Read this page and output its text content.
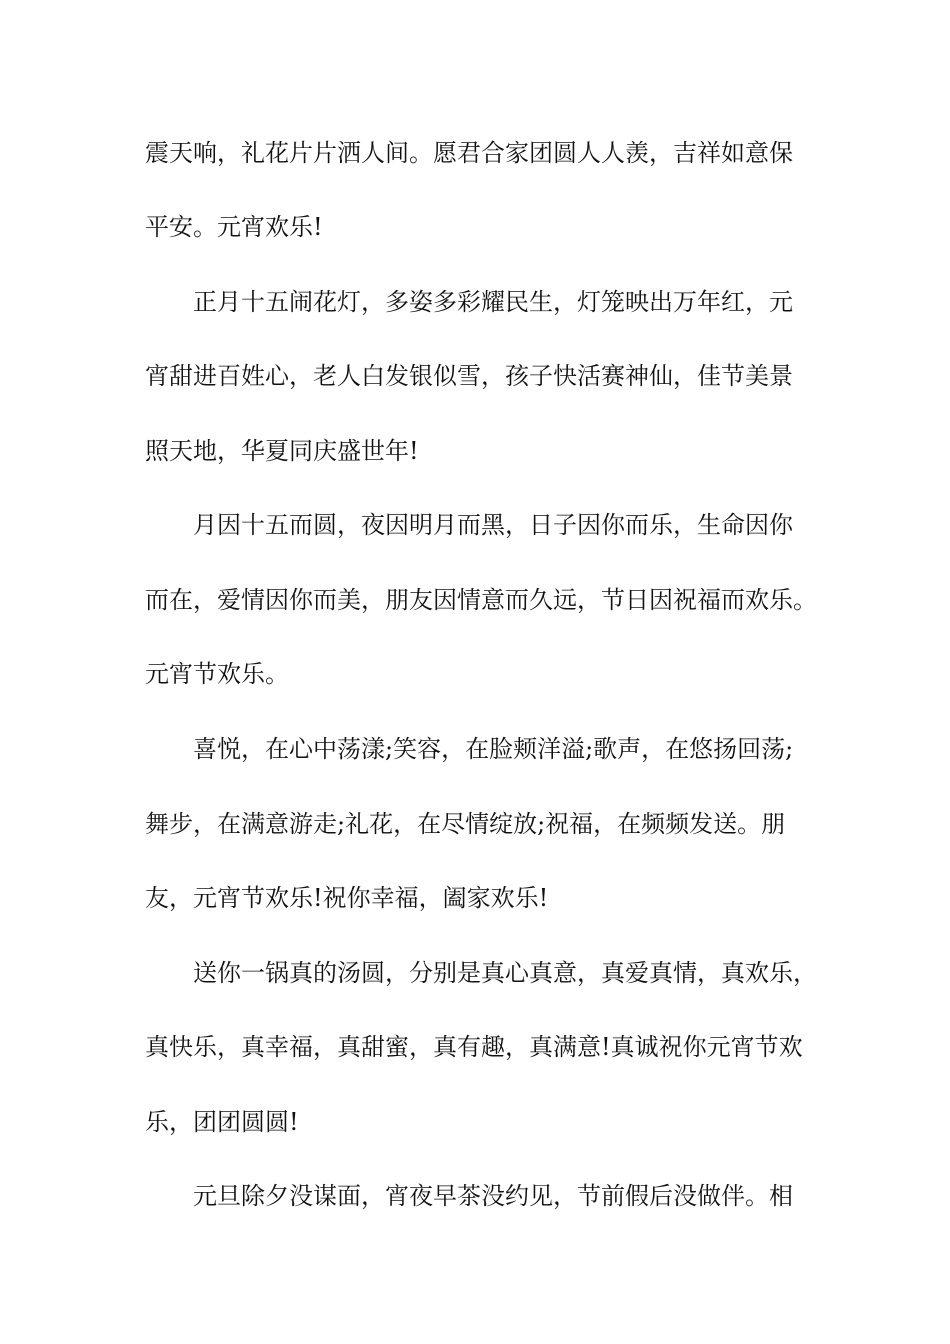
震天响，礼花片片洒人间。愿君合家团圆人人羡，吉祥如意保
平安。元宵欢乐!
正月十五闹花灯，多姿多彩耀民生，灯笼映出万年红，元
宵甜进百姓心，老人白发银似雪，孩子快活赛神仙，佳节美景
照天地，华夏同庆盛世年!
月因十五而圆，夜因明月而黑，日子因你而乐，生命因你
而在，爱情因你而美，朋友因情意而久远，节日因祝福而欢乐。
元宵节欢乐。
喜悦，在心中荡漾;笑容，在脸颊洋溢;歌声，在悠扬回荡;
舞步，在满意游走;礼花，在尽情绽放;祝福，在频频发送。朋
友，元宵节欢乐!祝你幸福，阖家欢乐!
送你一锅真的汤圆，分别是真心真意，真爱真情，真欢乐，
真快乐，真幸福，真甜蜜，真有趣，真满意!真诚祝你元宵节欢
乐，团团圆圆!
元旦除夕没谋面，宵夜早茶没约见，节前假后没做伴。相
